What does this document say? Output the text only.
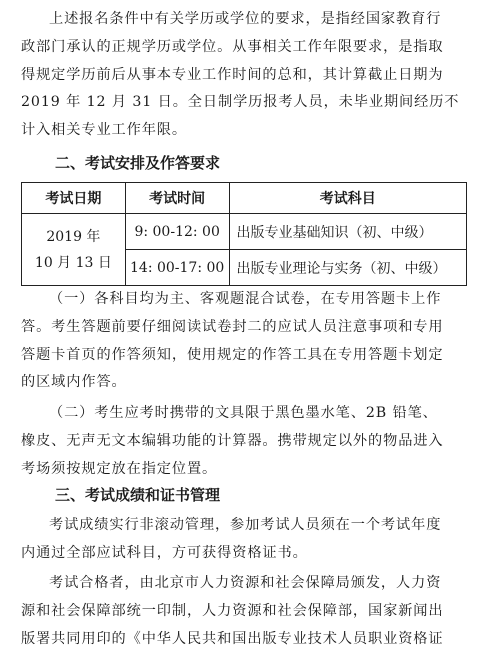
上述报名条件中有关学历或学位的要求，是指经国家教育行
政部门承认的正规学历或学位。从事相关工作年限要求，是指取
得规定学历前后从事本专业工作时间的总和，其计算截止日期为
2019 年 12 月 31 日。全日制学历报考人员，未毕业期间经历不
计入相关专业工作年限。
二、考试安排及作答要求
考试日期	考试时间	考试科目

2019 年
10 月 13 日	9: 00-12: 00	出版专业基础知识（初、中级）
	14: 00-17: 00	出版专业理论与实务（初、中级）
（一）各科目均为主、客观题混合试卷，在专用答题卡上作
答。考生答题前要仔细阅读试卷封二的应试人员注意事项和专用
答题卡首页的作答须知，使用规定的作答工具在专用答题卡划定
的区域内作答。
（二）考生应考时携带的文具限于黑色墨水笔、2B 铅笔、
橡皮、无声无文本编辑功能的计算器。携带规定以外的物品进入
考场须按规定放在指定位置。
三、考试成绩和证书管理
考试成绩实行非滚动管理，参加考试人员须在一个考试年度
内通过全部应试科目，方可获得资格证书。
考试合格者，由北京市人力资源和社会保障局颁发，人力资
源和社会保障部统一印制，人力资源和社会保障部，国家新闻出
版署共同用印的《中华人民共和国出版专业技术人员职业资格证
